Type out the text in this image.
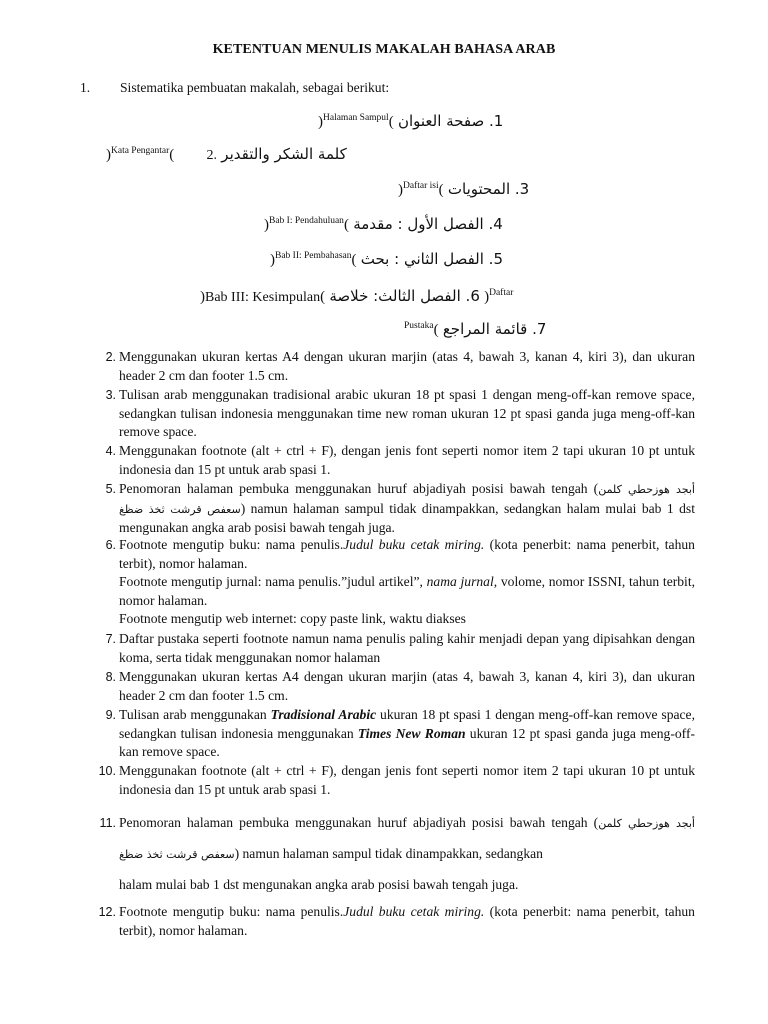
KETENTUAN MENULIS MAKALAH BAHASA ARAB
1. Sistematika pembuatan makalah, sebagai berikut:
)$^{Halaman Sampul}$( 1. صفحة العنوان
)$^{Kata Pengantar}$(	كلمة الشكر والتقدير .2
)$^{Daftar isi}$( 3. المحتويات
)$^{Bab I: Pendahuluan}$( 4. الفصل الأول : مقدمة
)$^{Bab II: Pembahasan}$( 5. الفصل الثاني : بحث
)Bab III: Kesimpulan( 6. الفصل الثالث: خلاصة )$^{Daftar}$
$^{Pustaka}$( 7. قائمة المراجع
2. Menggunakan ukuran kertas A4 dengan ukuran marjin (atas 4, bawah 3, kanan 4, kiri 3), dan ukuran header 2 cm dan footer 1.5 cm.
3. Tulisan arab menggunakan tradisional arabic ukuran 18 pt spasi 1 dengan meng-off-kan remove space, sedangkan tulisan indonesia menggunakan time new roman ukuran 12 pt spasi ganda juga meng-off-kan remove space.
4. Menggunakan footnote (alt + ctrl + F), dengan jenis font seperti nomor item 2 tapi ukuran 10 pt untuk indonesia dan 15 pt untuk arab spasi 1.
5. Penomoran halaman pembuka menggunakan huruf abjadiyah posisi bawah tengah (أبجد هوزحطي كلمن سعفص قرشت ثخذ ضظغ) namun halaman sampul tidak dinampakkan, sedangkan halam mulai bab 1 dst mengunakan angka arab posisi bawah tengah juga.
6. Footnote mengutip buku: nama penulis.Judul buku cetak miring. (kota penerbit: nama penerbit, tahun terbit), nomor halaman.

Footnote mengutip jurnal: nama penulis.”judul artikel”, nama jurnal, volome, nomor ISSNI, tahun terbit, nomor halaman.

Footnote mengutip web internet: copy paste link, waktu diakses

7. Daftar pustaka seperti footnote namun nama penulis paling kahir menjadi depan yang dipisahkan dengan koma, serta tidak menggunakan nomor halaman
8. Menggunakan ukuran kertas A4 dengan ukuran marjin (atas 4, bawah 3, kanan 4, kiri 3), dan ukuran header 2 cm dan footer 1.5 cm.
9. Tulisan arab menggunakan Tradisional Arabic ukuran 18 pt spasi 1 dengan meng-off-kan remove space, sedangkan tulisan indonesia menggunakan Times New Roman ukuran 12 pt spasi ganda juga meng-off-kan remove space.
10. Menggunakan footnote (alt + ctrl + F), dengan jenis font seperti nomor item 2 tapi ukuran 10 pt untuk indonesia dan 15 pt untuk arab spasi 1.
11. Penomoran halaman pembuka menggunakan huruf abjadiyah posisi bawah tengah (أبجد هوزحطي كلمن سعفص قرشت ثخذ ضظغ) namun halaman sampul tidak dinampakkan, sedangkan

halam mulai bab 1 dst mengunakan angka arab posisi bawah tengah juga.

12. Footnote mengutip buku: nama penulis.Judul buku cetak miring. (kota penerbit: nama penerbit, tahun terbit), nomor halaman.
